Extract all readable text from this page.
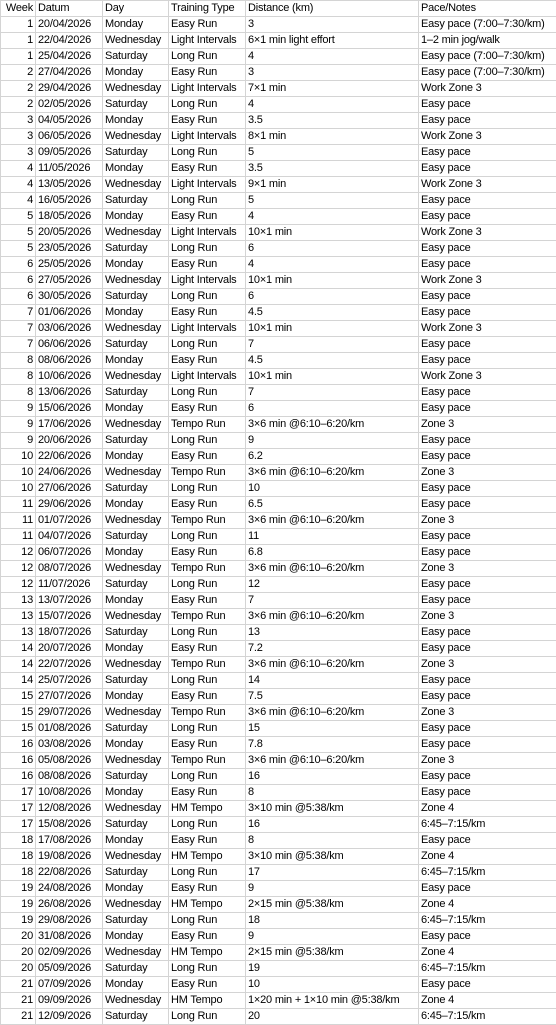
Week	Datum	Day	Training Type	Distance (km)	Pace/Notes
1	20/04/2026	Monday	Easy Run	3	Easy pace (7:00–7:30/km)
1	22/04/2026	Wednesday	Light Intervals	6×1 min light effort	1–2 min jog/walk
1	25/04/2026	Saturday	Long Run	4	Easy pace (7:00–7:30/km)
2	27/04/2026	Monday	Easy Run	3	Easy pace (7:00–7:30/km)
2	29/04/2026	Wednesday	Light Intervals	7×1 min	Work Zone 3
2	02/05/2026	Saturday	Long Run	4	Easy pace
3	04/05/2026	Monday	Easy Run	3.5	Easy pace
3	06/05/2026	Wednesday	Light Intervals	8×1 min	Work Zone 3
3	09/05/2026	Saturday	Long Run	5	Easy pace
4	11/05/2026	Monday	Easy Run	3.5	Easy pace
4	13/05/2026	Wednesday	Light Intervals	9×1 min	Work Zone 3
4	16/05/2026	Saturday	Long Run	5	Easy pace
5	18/05/2026	Monday	Easy Run	4	Easy pace
5	20/05/2026	Wednesday	Light Intervals	10×1 min	Work Zone 3
5	23/05/2026	Saturday	Long Run	6	Easy pace
6	25/05/2026	Monday	Easy Run	4	Easy pace
6	27/05/2026	Wednesday	Light Intervals	10×1 min	Work Zone 3
6	30/05/2026	Saturday	Long Run	6	Easy pace
7	01/06/2026	Monday	Easy Run	4.5	Easy pace
7	03/06/2026	Wednesday	Light Intervals	10×1 min	Work Zone 3
7	06/06/2026	Saturday	Long Run	7	Easy pace
8	08/06/2026	Monday	Easy Run	4.5	Easy pace
8	10/06/2026	Wednesday	Light Intervals	10×1 min	Work Zone 3
8	13/06/2026	Saturday	Long Run	7	Easy pace
9	15/06/2026	Monday	Easy Run	6	Easy pace
9	17/06/2026	Wednesday	Tempo Run	3×6 min @6:10–6:20/km	Zone 3
9	20/06/2026	Saturday	Long Run	9	Easy pace
10	22/06/2026	Monday	Easy Run	6.2	Easy pace
10	24/06/2026	Wednesday	Tempo Run	3×6 min @6:10–6:20/km	Zone 3
10	27/06/2026	Saturday	Long Run	10	Easy pace
11	29/06/2026	Monday	Easy Run	6.5	Easy pace
11	01/07/2026	Wednesday	Tempo Run	3×6 min @6:10–6:20/km	Zone 3
11	04/07/2026	Saturday	Long Run	11	Easy pace
12	06/07/2026	Monday	Easy Run	6.8	Easy pace
12	08/07/2026	Wednesday	Tempo Run	3×6 min @6:10–6:20/km	Zone 3
12	11/07/2026	Saturday	Long Run	12	Easy pace
13	13/07/2026	Monday	Easy Run	7	Easy pace
13	15/07/2026	Wednesday	Tempo Run	3×6 min @6:10–6:20/km	Zone 3
13	18/07/2026	Saturday	Long Run	13	Easy pace
14	20/07/2026	Monday	Easy Run	7.2	Easy pace
14	22/07/2026	Wednesday	Tempo Run	3×6 min @6:10–6:20/km	Zone 3
14	25/07/2026	Saturday	Long Run	14	Easy pace
15	27/07/2026	Monday	Easy Run	7.5	Easy pace
15	29/07/2026	Wednesday	Tempo Run	3×6 min @6:10–6:20/km	Zone 3
15	01/08/2026	Saturday	Long Run	15	Easy pace
16	03/08/2026	Monday	Easy Run	7.8	Easy pace
16	05/08/2026	Wednesday	Tempo Run	3×6 min @6:10–6:20/km	Zone 3
16	08/08/2026	Saturday	Long Run	16	Easy pace
17	10/08/2026	Monday	Easy Run	8	Easy pace
17	12/08/2026	Wednesday	HM Tempo	3×10 min @5:38/km	Zone 4
17	15/08/2026	Saturday	Long Run	16	6:45–7:15/km
18	17/08/2026	Monday	Easy Run	8	Easy pace
18	19/08/2026	Wednesday	HM Tempo	3×10 min @5:38/km	Zone 4
18	22/08/2026	Saturday	Long Run	17	6:45–7:15/km
19	24/08/2026	Monday	Easy Run	9	Easy pace
19	26/08/2026	Wednesday	HM Tempo	2×15 min @5:38/km	Zone 4
19	29/08/2026	Saturday	Long Run	18	6:45–7:15/km
20	31/08/2026	Monday	Easy Run	9	Easy pace
20	02/09/2026	Wednesday	HM Tempo	2×15 min @5:38/km	Zone 4
20	05/09/2026	Saturday	Long Run	19	6:45–7:15/km
21	07/09/2026	Monday	Easy Run	10	Easy pace
21	09/09/2026	Wednesday	HM Tempo	1×20 min + 1×10 min @5:38/km	Zone 4
21	12/09/2026	Saturday	Long Run	20	6:45–7:15/km
